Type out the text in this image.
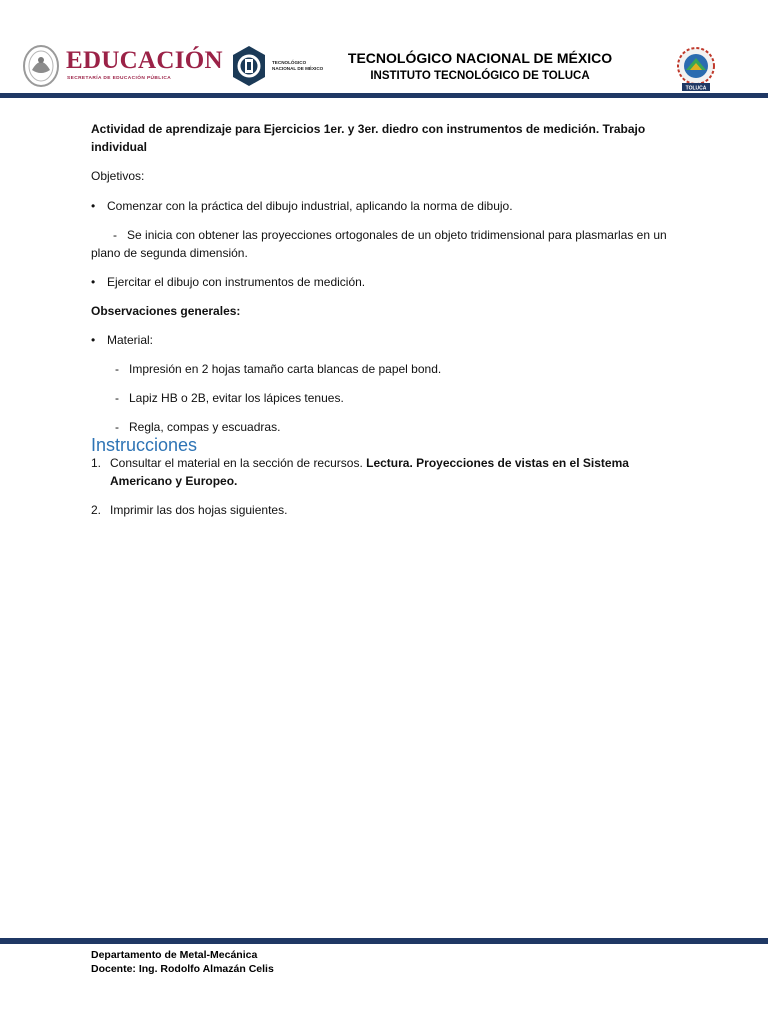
EDUCACIÓN
SECRETARÍA DE EDUCACIÓN PÚBLICA
TECNOLÓGICO
NACIONAL DE MÉXICO
TECNOLÓGICO NACIONAL DE MÉXICO
INSTITUTO TECNOLÓGICO DE TOLUCA
TOLUCA

Actividad de aprendizaje para Ejercicios 1er. y 3er. diedro con instrumentos de medición. Trabajo individual

Objetivos:

• Comenzar con la práctica del dibujo industrial, aplicando la norma de dibujo.

- Se inicia con obtener las proyecciones ortogonales de un objeto tridimensional para plasmarlas en un plano de segunda dimensión.

• Ejercitar el dibujo con instrumentos de medición.

Observaciones generales:

• Material:

- Impresión en 2 hojas tamaño carta blancas de papel bond.

- Lapiz HB o 2B, evitar los lápices tenues.

- Regla, compas y escuadras.

Instrucciones

1. Consultar el material en la sección de recursos. Lectura. Proyecciones de vistas en el Sistema Americano y Europeo.

2. Imprimir las dos hojas siguientes.

Departamento de Metal-Mecánica
Docente: Ing. Rodolfo Almazán Celis
